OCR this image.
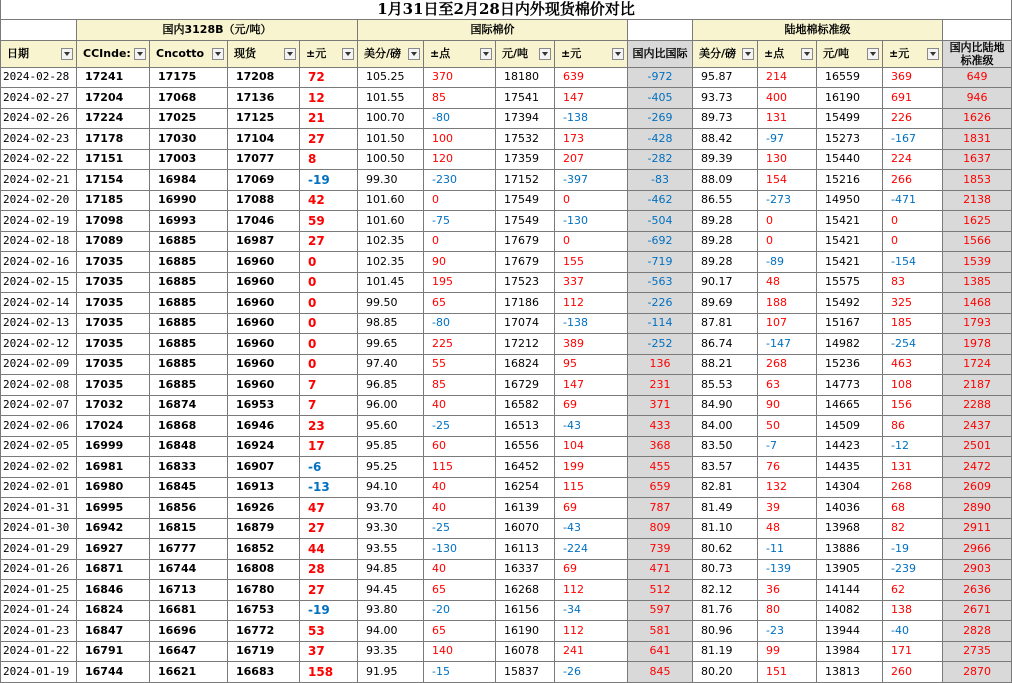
1月31日至2月28日内外现货棉价对比														
	国内3128B（元/吨）				国际棉价					陆地棉标准级				
日期	CCInde:	Cncotto	现货	±元	美分/磅	±点	元/吨	±元	国内比国际	美分/磅	±点	元/吨	±元	国内比陆地标准级
2024-02-28	17241	17175	17208	72	105.25	370	18180	639	-972	95.87	214	16559	369	649
2024-02-27	17204	17068	17136	12	101.55	85	17541	147	-405	93.73	400	16190	691	946
2024-02-26	17224	17025	17125	21	100.70	-80	17394	-138	-269	89.73	131	15499	226	1626
2024-02-23	17178	17030	17104	27	101.50	100	17532	173	-428	88.42	-97	15273	-167	1831
2024-02-22	17151	17003	17077	8	100.50	120	17359	207	-282	89.39	130	15440	224	1637
2024-02-21	17154	16984	17069	-19	99.30	-230	17152	-397	-83	88.09	154	15216	266	1853
2024-02-20	17185	16990	17088	42	101.60	0	17549	0	-462	86.55	-273	14950	-471	2138
2024-02-19	17098	16993	17046	59	101.60	-75	17549	-130	-504	89.28	0	15421	0	1625
2024-02-18	17089	16885	16987	27	102.35	0	17679	0	-692	89.28	0	15421	0	1566
2024-02-16	17035	16885	16960	0	102.35	90	17679	155	-719	89.28	-89	15421	-154	1539
2024-02-15	17035	16885	16960	0	101.45	195	17523	337	-563	90.17	48	15575	83	1385
2024-02-14	17035	16885	16960	0	99.50	65	17186	112	-226	89.69	188	15492	325	1468
2024-02-13	17035	16885	16960	0	98.85	-80	17074	-138	-114	87.81	107	15167	185	1793
2024-02-12	17035	16885	16960	0	99.65	225	17212	389	-252	86.74	-147	14982	-254	1978
2024-02-09	17035	16885	16960	0	97.40	55	16824	95	136	88.21	268	15236	463	1724
2024-02-08	17035	16885	16960	7	96.85	85	16729	147	231	85.53	63	14773	108	2187
2024-02-07	17032	16874	16953	7	96.00	40	16582	69	371	84.90	90	14665	156	2288
2024-02-06	17024	16868	16946	23	95.60	-25	16513	-43	433	84.00	50	14509	86	2437
2024-02-05	16999	16848	16924	17	95.85	60	16556	104	368	83.50	-7	14423	-12	2501
2024-02-02	16981	16833	16907	-6	95.25	115	16452	199	455	83.57	76	14435	131	2472
2024-02-01	16980	16845	16913	-13	94.10	40	16254	115	659	82.81	132	14304	268	2609
2024-01-31	16995	16856	16926	47	93.70	40	16139	69	787	81.49	39	14036	68	2890
2024-01-30	16942	16815	16879	27	93.30	-25	16070	-43	809	81.10	48	13968	82	2911
2024-01-29	16927	16777	16852	44	93.55	-130	16113	-224	739	80.62	-11	13886	-19	2966
2024-01-26	16871	16744	16808	28	94.85	40	16337	69	471	80.73	-139	13905	-239	2903
2024-01-25	16846	16713	16780	27	94.45	65	16268	112	512	82.12	36	14144	62	2636
2024-01-24	16824	16681	16753	-19	93.80	-20	16156	-34	597	81.76	80	14082	138	2671
2024-01-23	16847	16696	16772	53	94.00	65	16190	112	581	80.96	-23	13944	-40	2828
2024-01-22	16791	16647	16719	37	93.35	140	16078	241	641	81.19	99	13984	171	2735
2024-01-19	16744	16621	16683	158	91.95	-15	15837	-26	845	80.20	151	13813	260	2870
